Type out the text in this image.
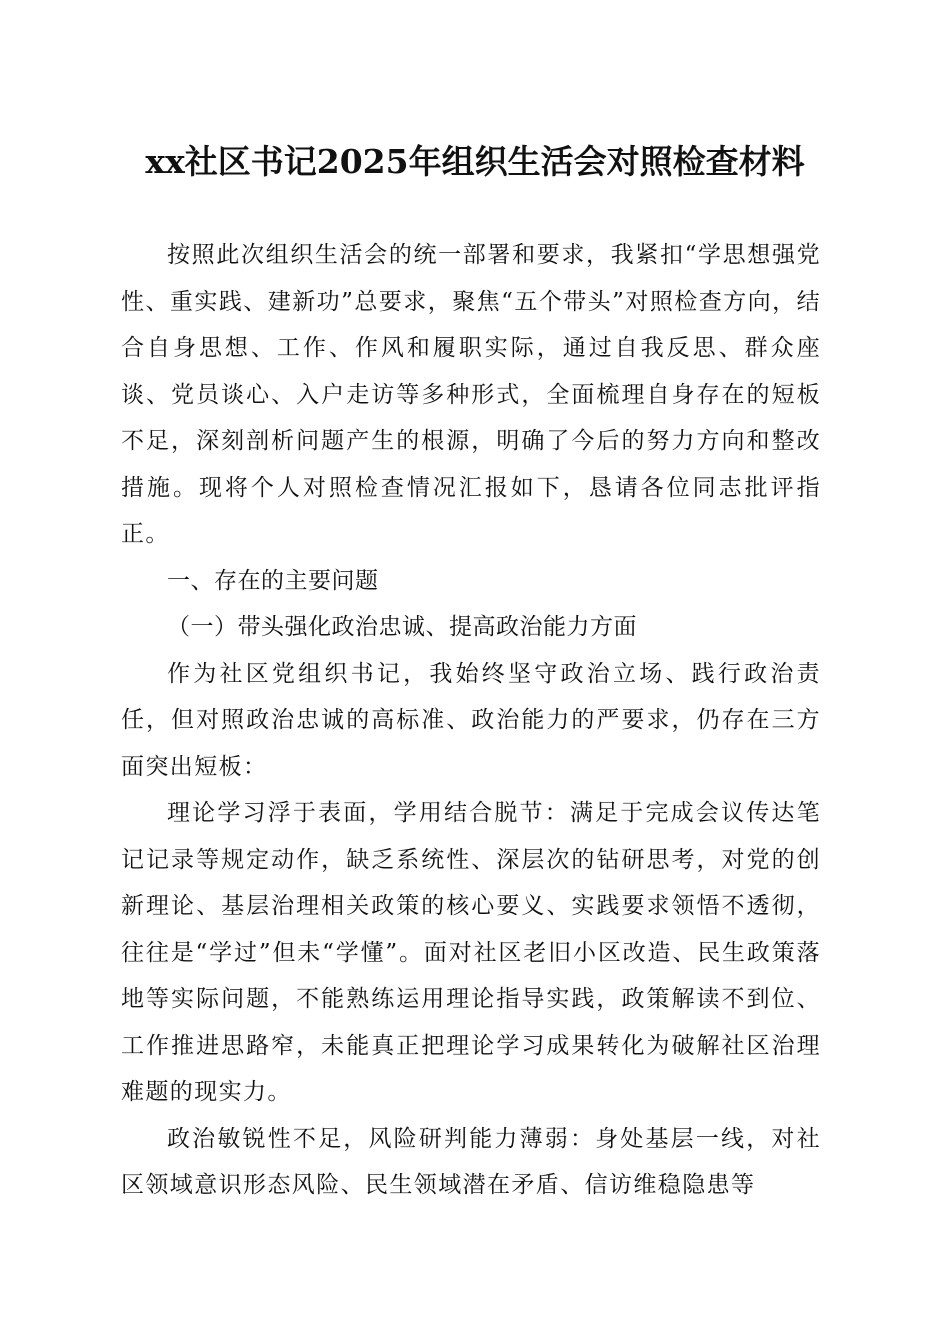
xx社区书记2025年组织生活会对照检查材料

按照此次组织生活会的统一部署和要求，我紧扣“学思想强党性、重实践、建新功”总要求，聚焦“五个带头”对照检查方向，结合自身思想、工作、作风和履职实际，通过自我反思、群众座谈、党员谈心、入户走访等多种形式，全面梳理自身存在的短板不足，深刻剖析问题产生的根源，明确了今后的努力方向和整改措施。现将个人对照检查情况汇报如下，恳请各位同志批评指正。

一、存在的主要问题

（一）带头强化政治忠诚、提高政治能力方面

作为社区党组织书记，我始终坚守政治立场、践行政治责任，但对照政治忠诚的高标准、政治能力的严要求，仍存在三方面突出短板：

理论学习浮于表面，学用结合脱节：满足于完成会议传达笔记记录等规定动作，缺乏系统性、深层次的钻研思考，对党的创新理论、基层治理相关政策的核心要义、实践要求领悟不透彻，往往是“学过”但未“学懂”。面对社区老旧小区改造、民生政策落地等实际问题，不能熟练运用理论指导实践，政策解读不到位、工作推进思路窄，未能真正把理论学习成果转化为破解社区治理难题的现实力。

政治敏锐性不足，风险研判能力薄弱：身处基层一线，对社区领域意识形态风险、民生领域潜在矛盾、信访维稳隐患等
